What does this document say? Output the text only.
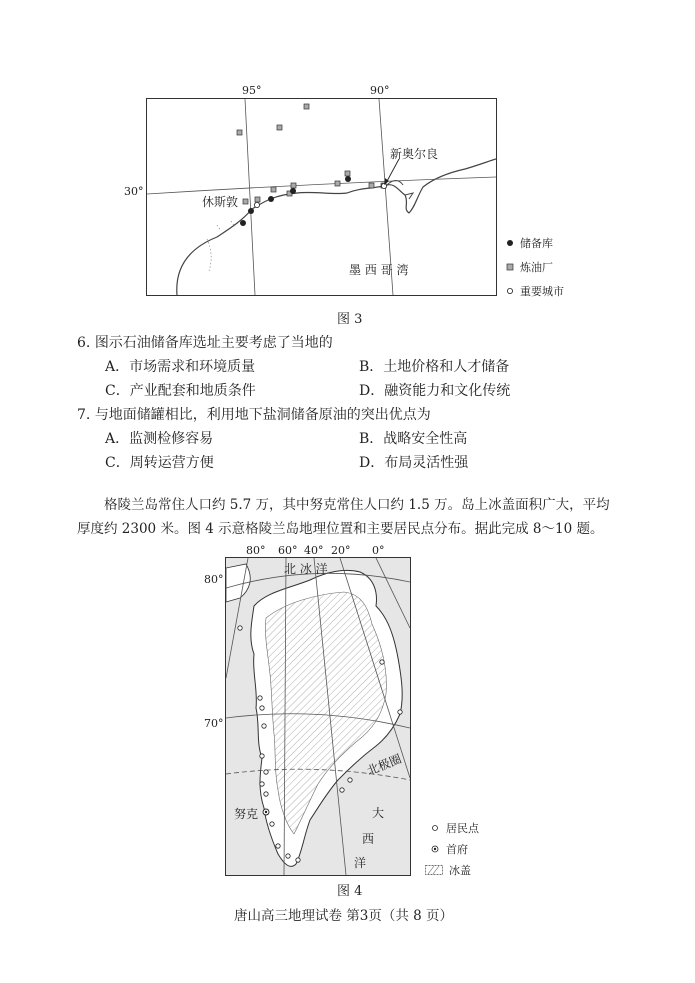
95°	90°
30°
新奥尔良
休斯敦
墨 西 哥 湾
储备库
炼油厂
重要城市
图 3
6. 图示石油储备库选址主要考虑了当地的
A．市场需求和环境质量	B．土地价格和人才储备
C．产业配套和地质条件	D．融资能力和文化传统
7. 与地面储罐相比，利用地下盐洞储备原油的突出优点为
A．监测检修容易	B．战略安全性高
C．周转运营方便	D．布局灵活性强
格陵兰岛常住人口约 5.7 万，其中努克常住人口约 1.5 万。岛上冰盖面积广大，平均
厚度约 2300 米。图 4 示意格陵兰岛地理位置和主要居民点分布。据此完成 8～10 题。
80° 60° 40° 20° 0°
80°
70°
北 冰 洋
北极圈
努克	大
西
洋
居民点
首府
冰盖
图 4
唐山高三地理试卷 第3页（共 8 页）
